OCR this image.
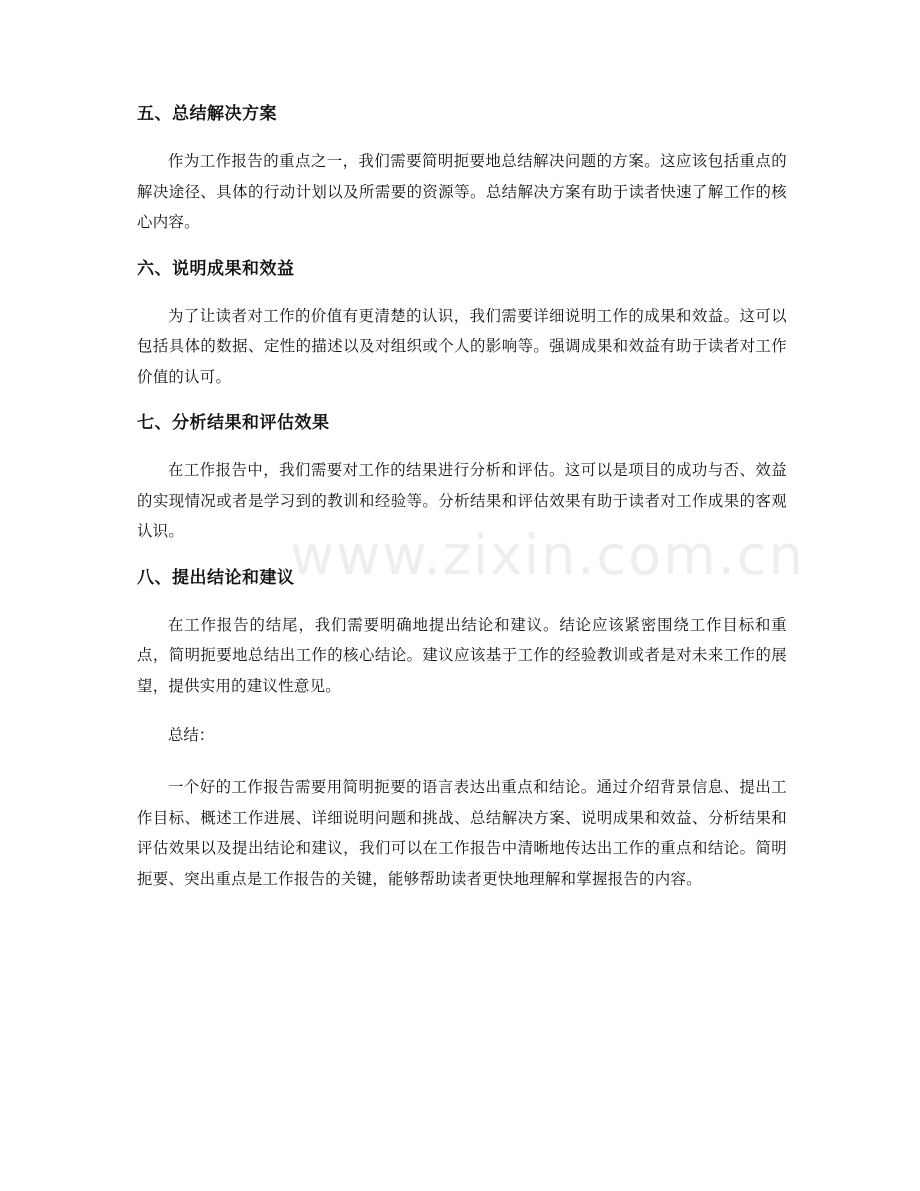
五、总结解决方案

作为工作报告的重点之一，我们需要简明扼要地总结解决问题的方案。这应该包括重点的解决途径、具体的行动计划以及所需要的资源等。总结解决方案有助于读者快速了解工作的核心内容。

六、说明成果和效益

为了让读者对工作的价值有更清楚的认识，我们需要详细说明工作的成果和效益。这可以包括具体的数据、定性的描述以及对组织或个人的影响等。强调成果和效益有助于读者对工作价值的认可。

七、分析结果和评估效果

在工作报告中，我们需要对工作的结果进行分析和评估。这可以是项目的成功与否、效益的实现情况或者是学习到的教训和经验等。分析结果和评估效果有助于读者对工作成果的客观认识。

八、提出结论和建议

在工作报告的结尾，我们需要明确地提出结论和建议。结论应该紧密围绕工作目标和重点，简明扼要地总结出工作的核心结论。建议应该基于工作的经验教训或者是对未来工作的展望，提供实用的建议性意见。

总结：

一个好的工作报告需要用简明扼要的语言表达出重点和结论。通过介绍背景信息、提出工作目标、概述工作进展、详细说明问题和挑战、总结解决方案、说明成果和效益、分析结果和评估效果以及提出结论和建议，我们可以在工作报告中清晰地传达出工作的重点和结论。简明扼要、突出重点是工作报告的关键，能够帮助读者更快地理解和掌握报告的内容。

www.zixin.com.cn
